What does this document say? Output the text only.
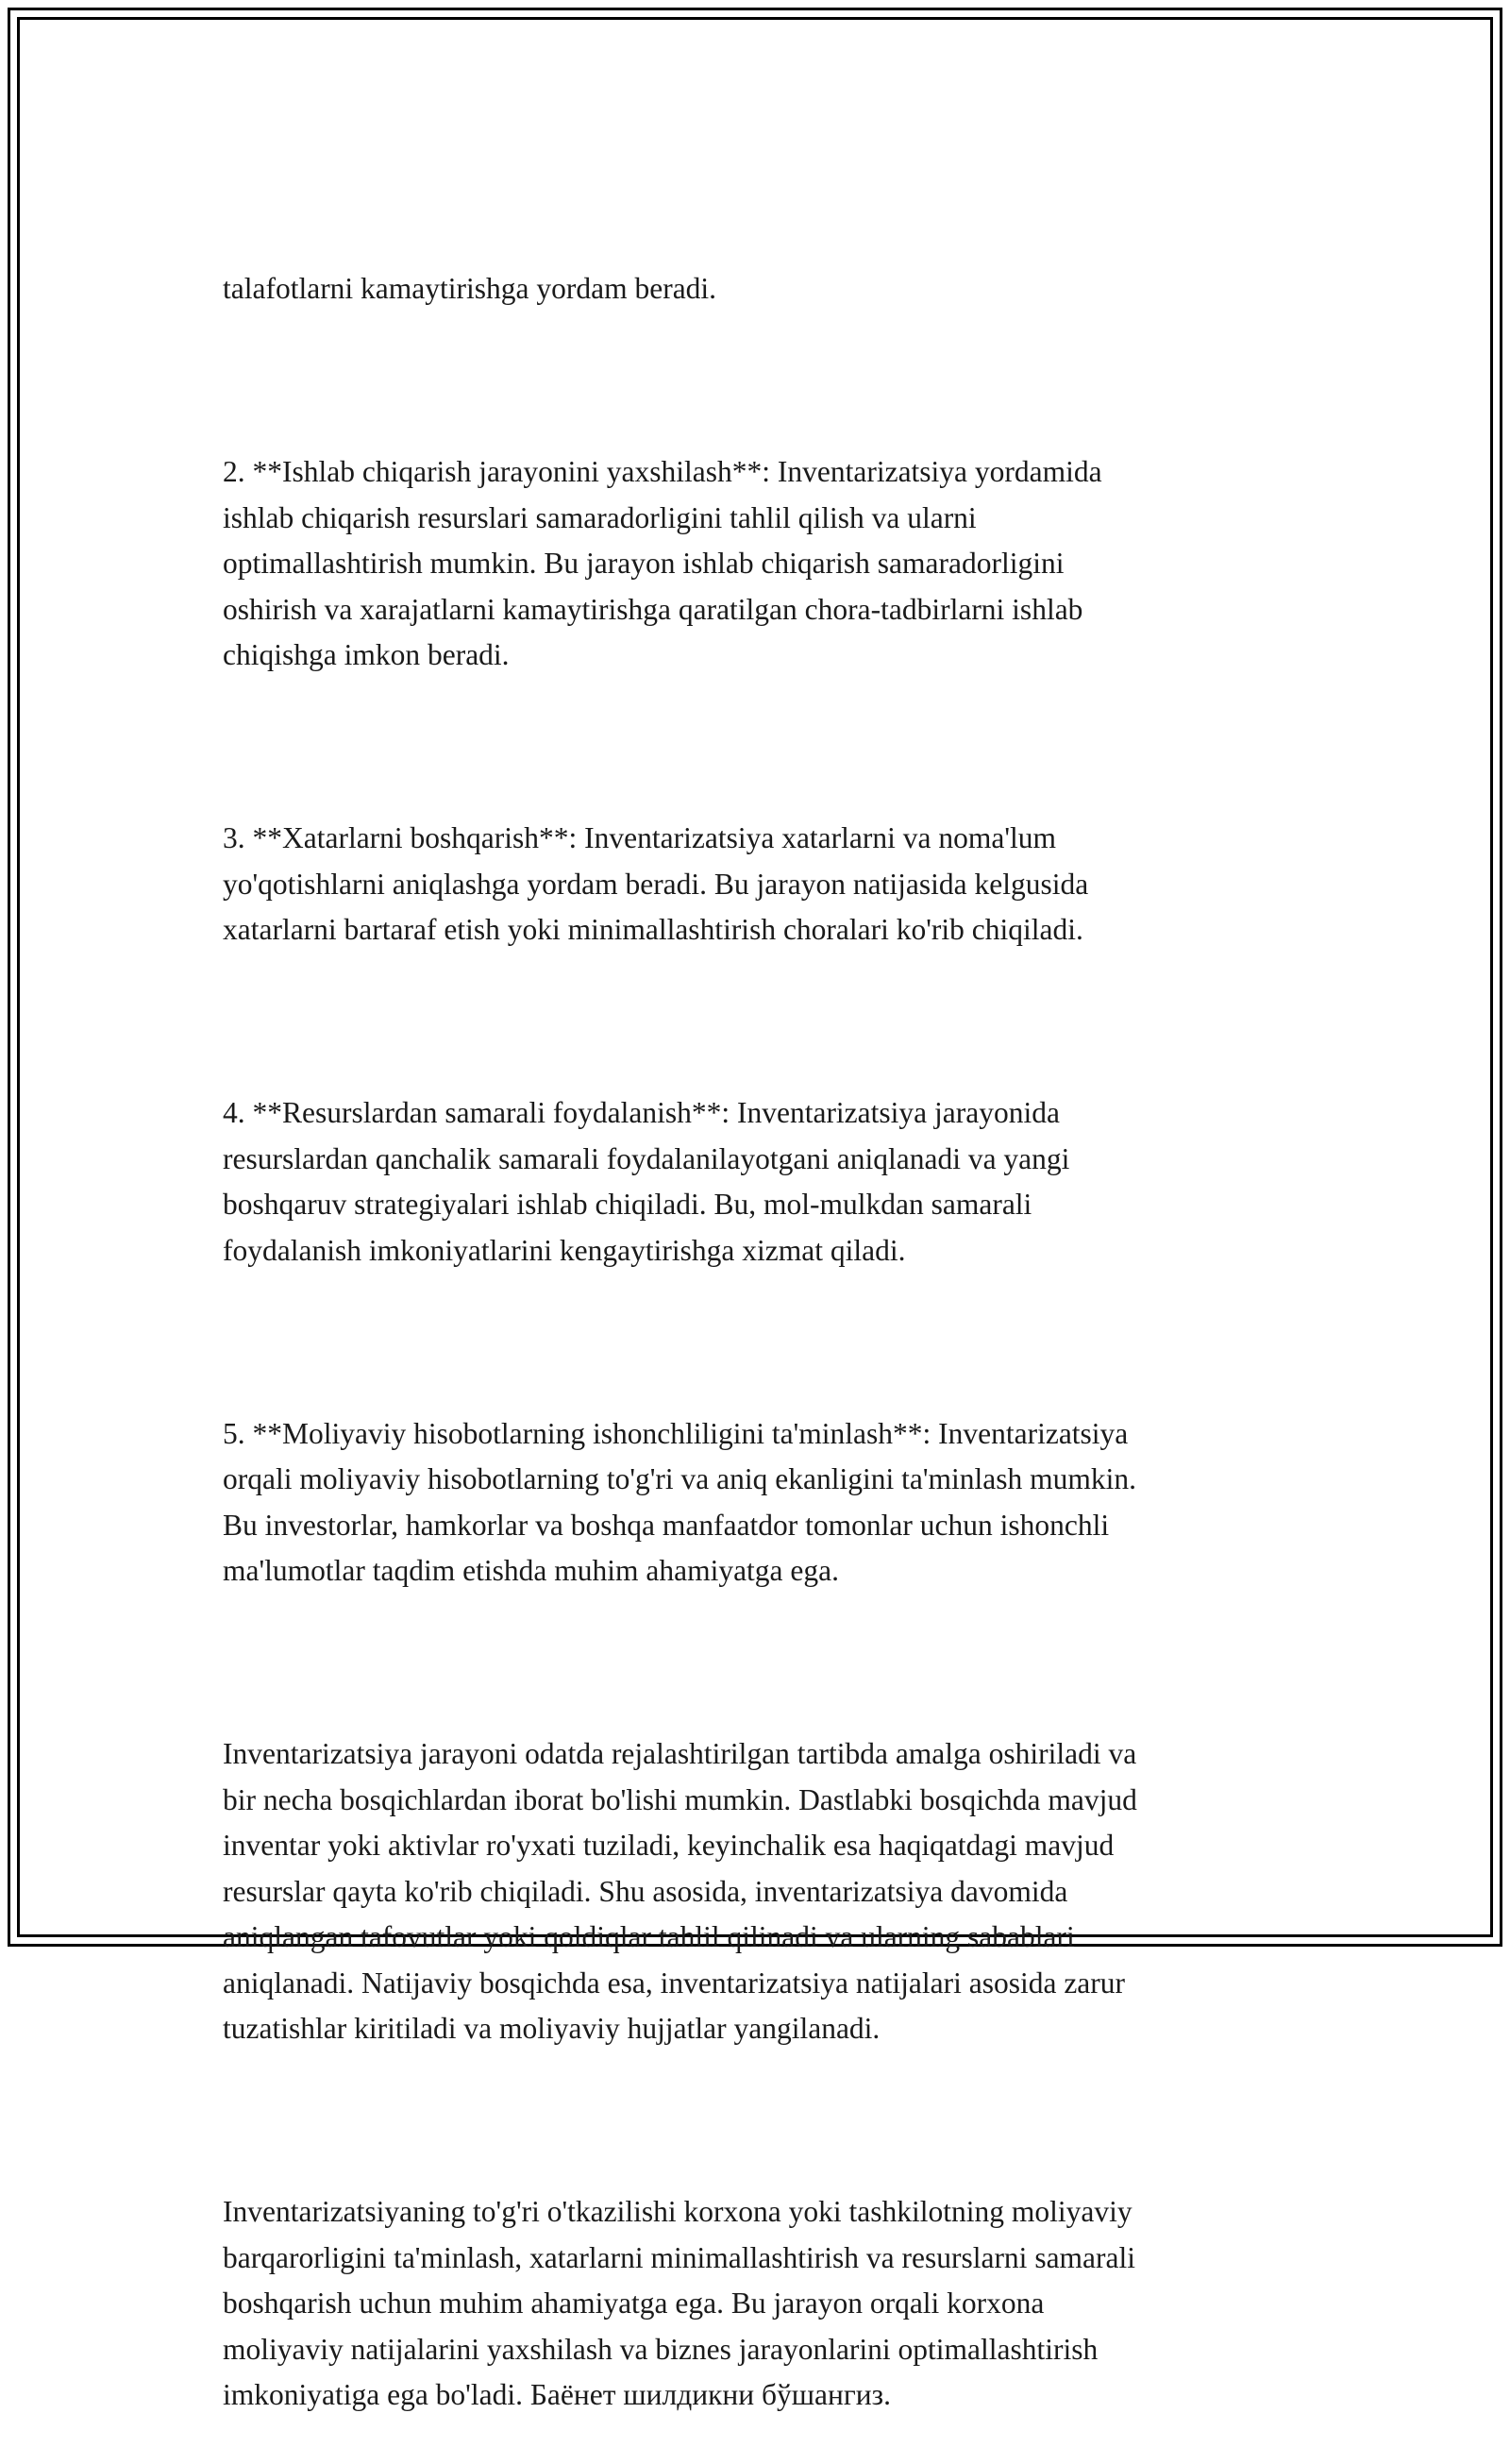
talafotlarni kamaytirishga yordam beradi.

2. **Ishlab chiqarish jarayonini yaxshilash**: Inventarizatsiya yordamida
ishlab chiqarish resurslari samaradorligini tahlil qilish va ularni
optimallashtirish mumkin. Bu jarayon ishlab chiqarish samaradorligini
oshirish va xarajatlarni kamaytirishga qaratilgan chora-tadbirlarni ishlab
chiqishga imkon beradi.

3. **Xatarlarni boshqarish**: Inventarizatsiya xatarlarni va noma'lum
yo'qotishlarni aniqlashga yordam beradi. Bu jarayon natijasida kelgusida
xatarlarni bartaraf etish yoki minimallashtirish choralari ko'rib chiqiladi.

4. **Resurslardan samarali foydalanish**: Inventarizatsiya jarayonida
resurslardan qanchalik samarali foydalanilayotgani aniqlanadi va yangi
boshqaruv strategiyalari ishlab chiqiladi. Bu, mol-mulkdan samarali
foydalanish imkoniyatlarini kengaytirishga xizmat qiladi.

5. **Moliyaviy hisobotlarning ishonchliligini ta'minlash**: Inventarizatsiya
orqali moliyaviy hisobotlarning to'g'ri va aniq ekanligini ta'minlash mumkin.
Bu investorlar, hamkorlar va boshqa manfaatdor tomonlar uchun ishonchli
ma'lumotlar taqdim etishda muhim ahamiyatga ega.

Inventarizatsiya jarayoni odatda rejalashtirilgan tartibda amalga oshiriladi va
bir necha bosqichlardan iborat bo'lishi mumkin. Dastlabki bosqichda mavjud
inventar yoki aktivlar ro'yxati tuziladi, keyinchalik esa haqiqatdagi mavjud
resurslar qayta ko'rib chiqiladi. Shu asosida, inventarizatsiya davomida
aniqlangan tafovutlar yoki qoldiqlar tahlil qilinadi va ularning sabablari
aniqlanadi. Natijaviy bosqichda esa, inventarizatsiya natijalari asosida zarur
tuzatishlar kiritiladi va moliyaviy hujjatlar yangilanadi.

Inventarizatsiyaning to'g'ri o'tkazilishi korxona yoki tashkilotning moliyaviy
barqarorligini ta'minlash, xatarlarni minimallashtirish va resurslarni samarali
boshqarish uchun muhim ahamiyatga ega. Bu jarayon orqali korxona
moliyaviy natijalarini yaxshilash va biznes jarayonlarini optimallashtirish
imkoniyatiga ega bo'ladi. Баёнет шилдикни бўшангиз.
